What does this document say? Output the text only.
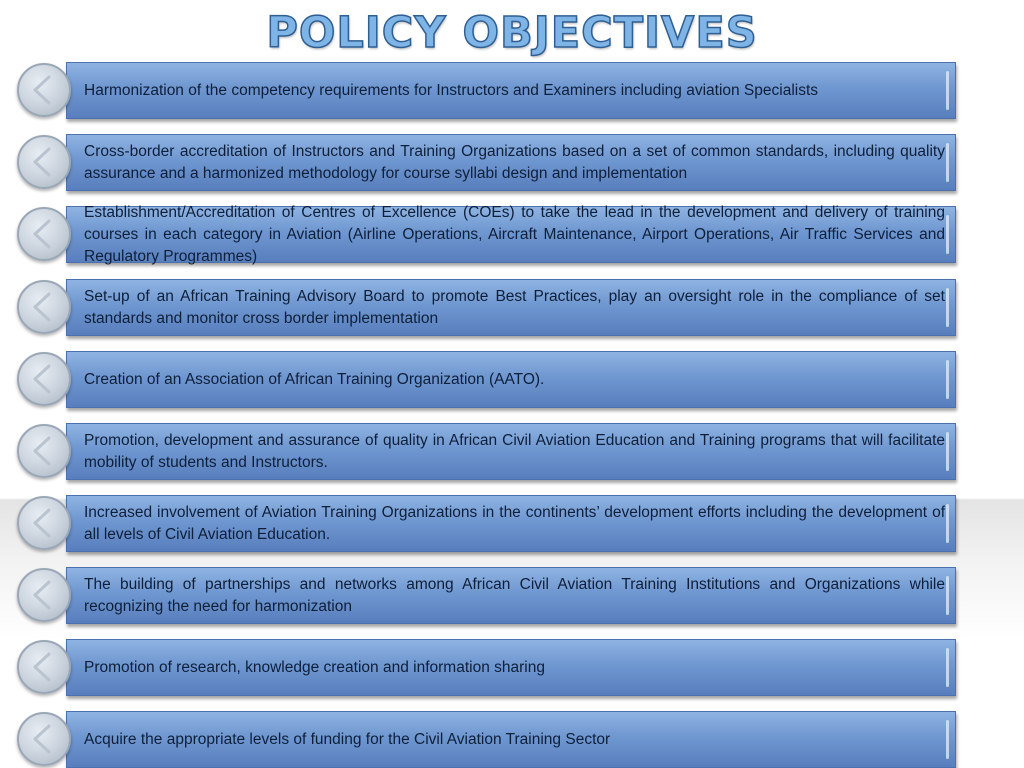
POLICY OBJECTIVES
Harmonization of the competency requirements for Instructors and Examiners including aviation Specialists
Cross-border accreditation of Instructors and Training Organizations based on a set of common standards, including quality assurance and a harmonized methodology for course syllabi design and implementation
Establishment/Accreditation of Centres of Excellence (COEs) to take the lead in the development and delivery of training courses in each category in Aviation (Airline Operations, Aircraft Maintenance, Airport Operations, Air Traffic Services and Regulatory Programmes)
Set-up of an African Training Advisory Board to promote Best Practices, play an oversight role in the compliance of set standards and monitor cross border implementation
Creation of an Association of African Training Organization (AATO).
Promotion, development and assurance of quality in African Civil Aviation Education and Training programs that will facilitate mobility of students and Instructors.
Increased involvement of Aviation Training Organizations in the continents’ development efforts including the development of all levels of Civil Aviation Education.
The building of partnerships and networks among African Civil Aviation Training Institutions and Organizations while recognizing the need for harmonization
Promotion of research, knowledge creation and information sharing
Acquire the appropriate levels of funding for the Civil Aviation Training Sector
